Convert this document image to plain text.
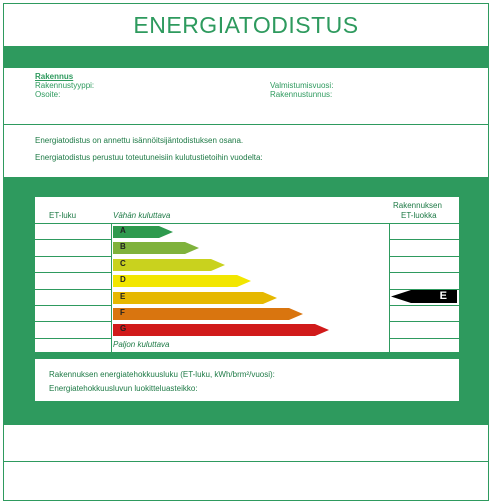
ENERGIATODISTUS
Rakennus
Rakennustyyppi:
Osoite:
Valmistumisvuosi:
Rakennustunnus:
Energiatodistus on annettu isännöitsijäntodistuksen osana.
Energiatodistus perustuu toteutuneisiin kulutustietoihin vuodelta:
ET-luku	Vähän kuluttava
Rakennuksen
ET-luokka
Paljon kuluttava
E
A
B
C
D
E
F
G
Rakennuksen energiatehokkuusluku (ET-luku, kWh/brm²/vuosi):
Energiatehokkuusluvun luokitteluasteikko:
